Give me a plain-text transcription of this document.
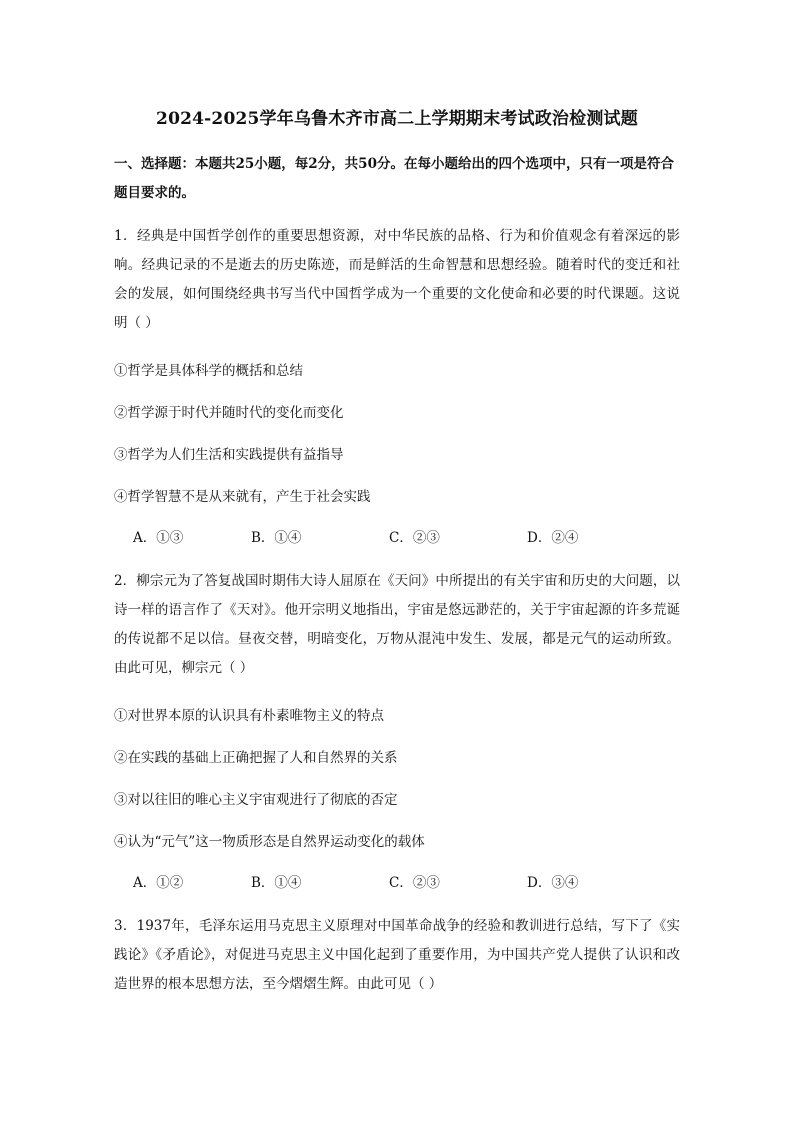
2024-2025学年乌鲁木齐市高二上学期期末考试政治检测试题
一、选择题：本题共25小题，每2分，共50分。在每小题给出的四个选项中，只有一项是符合题目要求的。
1．经典是中国哲学创作的重要思想资源，对中华民族的品格、行为和价值观念有着深远的影响。经典记录的不是逝去的历史陈迹，而是鲜活的生命智慧和思想经验。随着时代的变迁和社会的发展，如何围绕经典书写当代中国哲学成为一个重要的文化使命和必要的时代课题。这说明（ ）
①哲学是具体科学的概括和总结
②哲学源于时代并随时代的变化而变化
③哲学为人们生活和实践提供有益指导
④哲学智慧不是从来就有，产生于社会实践
A．①③	B．①④	C．②③	D．②④
2．柳宗元为了答复战国时期伟大诗人屈原在《天问》中所提出的有关宇宙和历史的大问题，以诗一样的语言作了《天对》。他开宗明义地指出，宇宙是悠远渺茫的，关于宇宙起源的许多荒诞的传说都不足以信。昼夜交替，明暗变化，万物从混沌中发生、发展，都是元气的运动所致。由此可见，柳宗元（ ）
①对世界本原的认识具有朴素唯物主义的特点
②在实践的基础上正确把握了人和自然界的关系
③对以往旧的唯心主义宇宙观进行了彻底的否定
④认为“元气”这一物质形态是自然界运动变化的载体
A．①②	B．①④	C．②③	D．③④
3．1937年，毛泽东运用马克思主义原理对中国革命战争的经验和教训进行总结，写下了《实践论》《矛盾论》，对促进马克思主义中国化起到了重要作用，为中国共产党人提供了认识和改造世界的根本思想方法，至今熠熠生辉。由此可见（ ）
